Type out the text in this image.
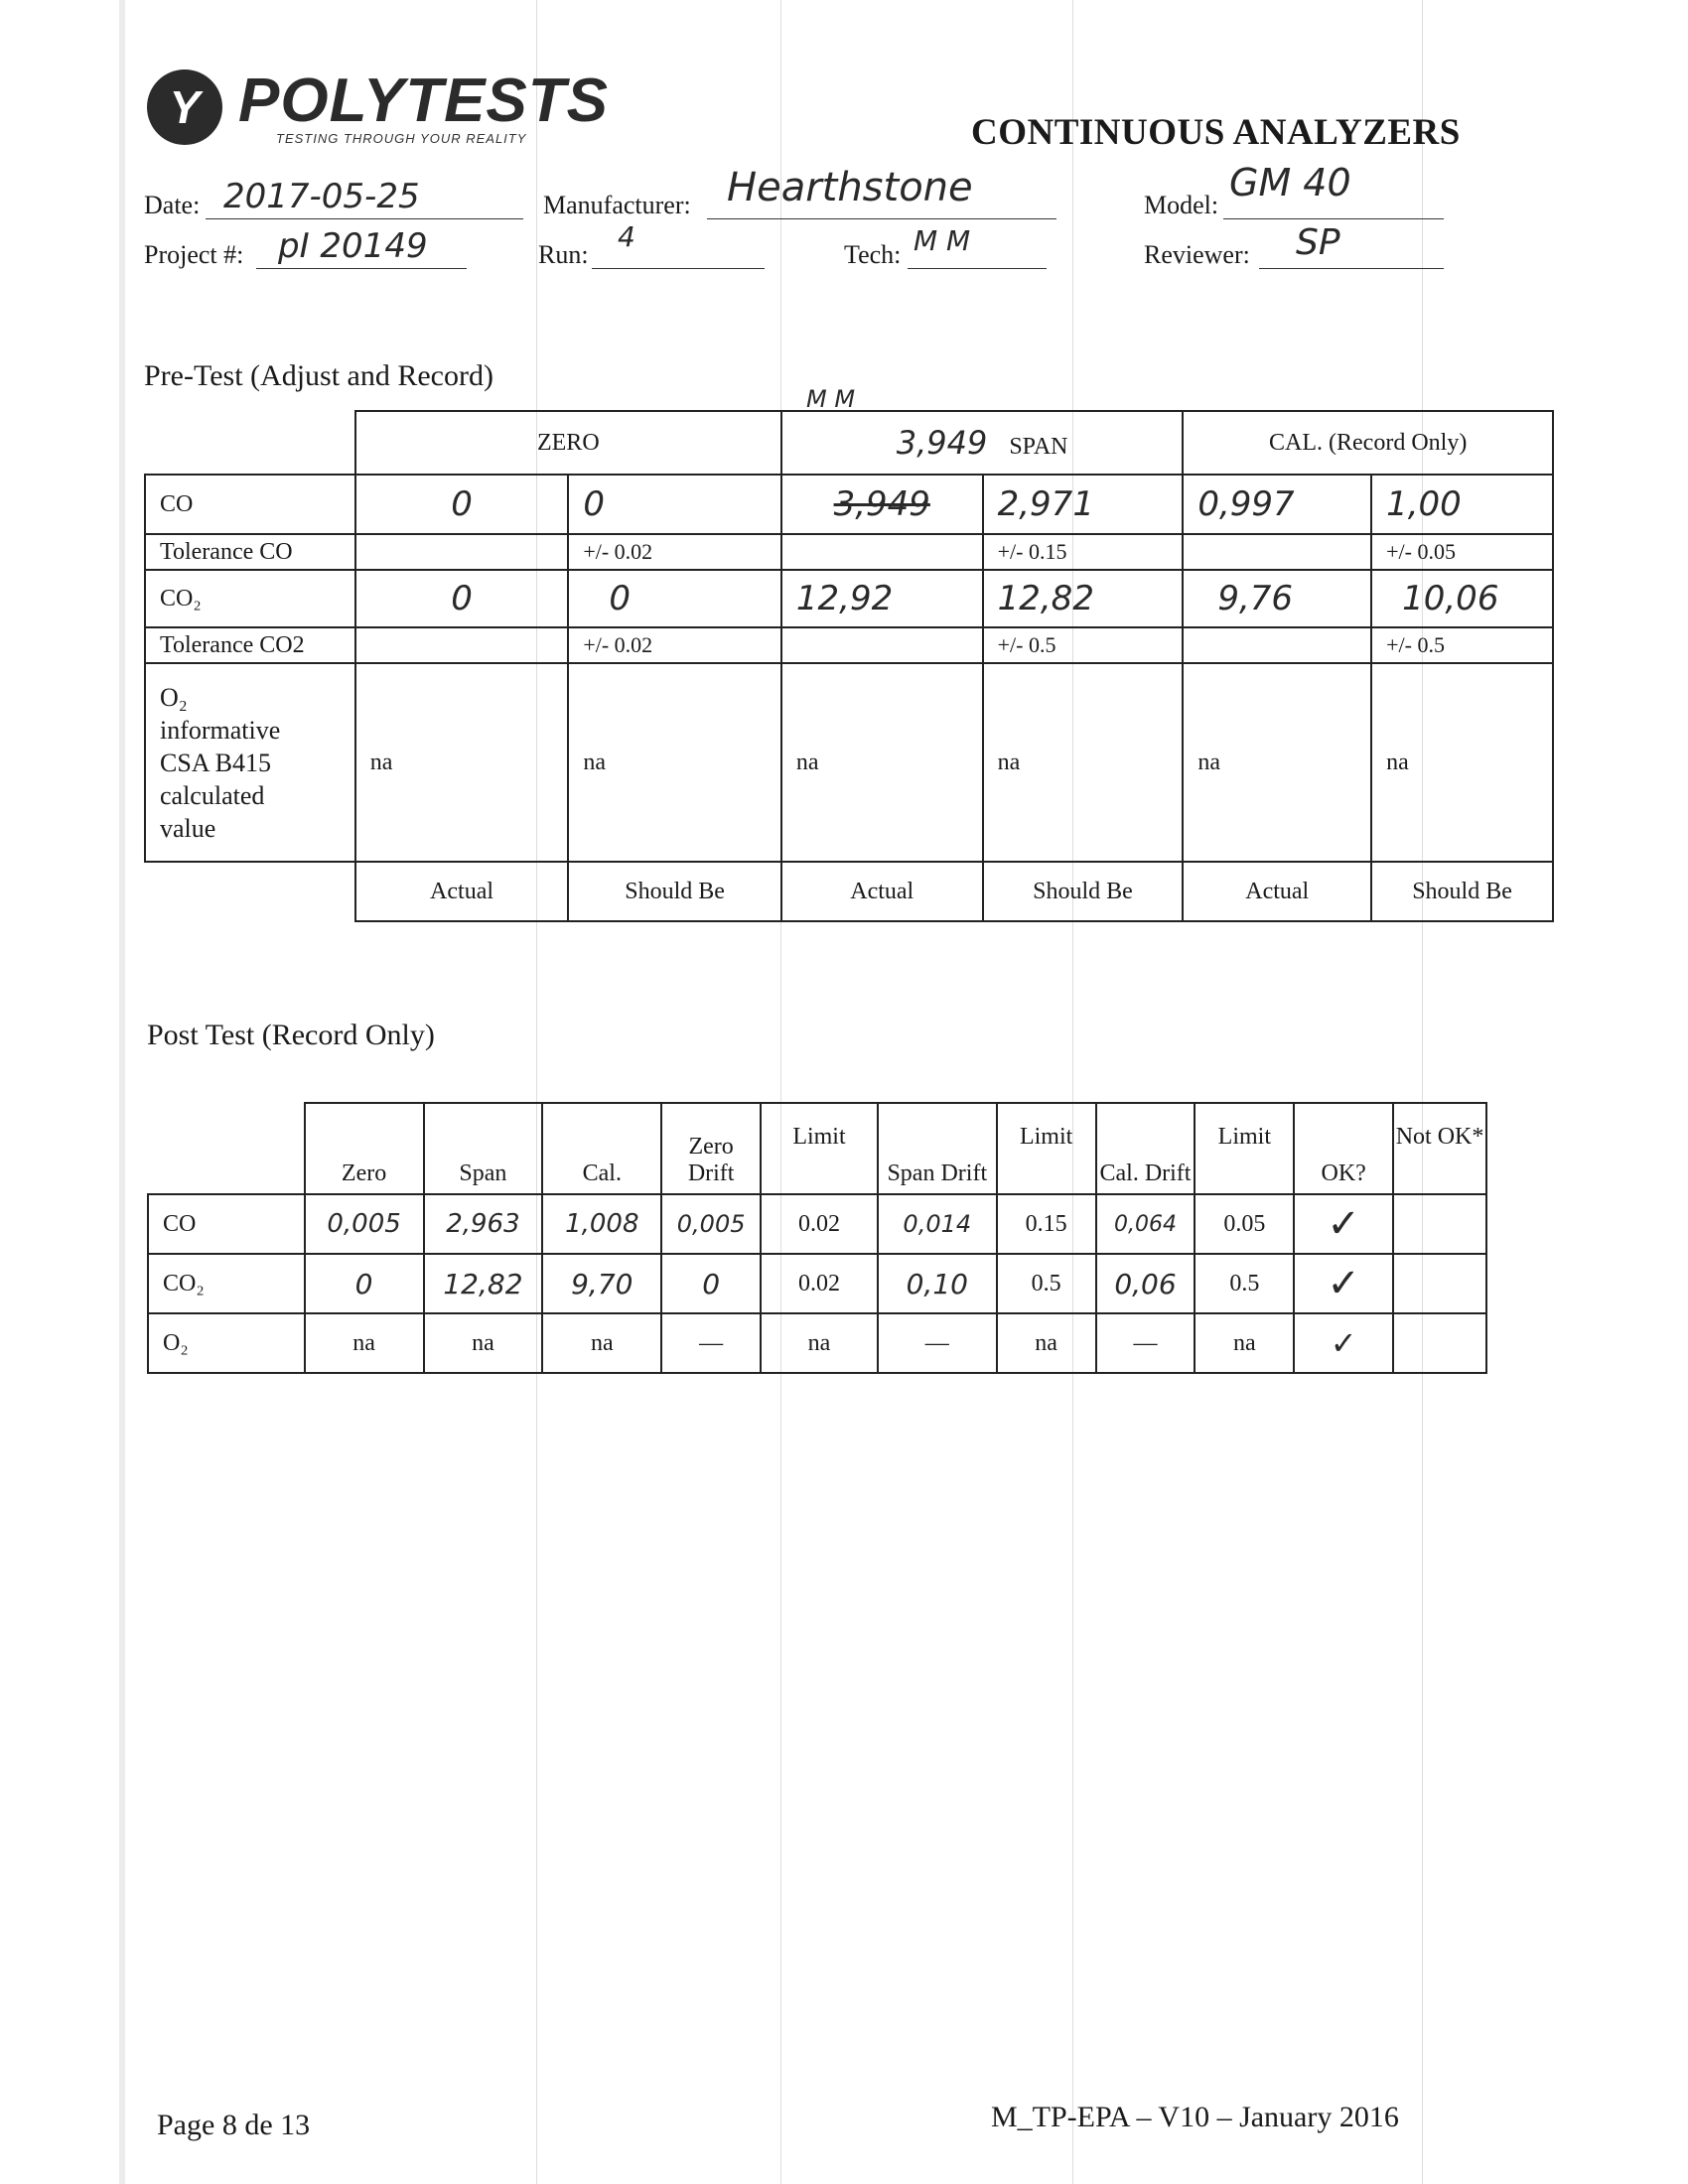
Y POLYTESTS
TESTING THROUGH YOUR REALITY	CONTINUOUS ANALYZERS
Date: 2017-05-25	Manufacturer: Hearthstone	Model:
GM 40
Project #: pI 20149	Run:
4
Tech: M M	Reviewer: SP
Pre-Test (Adjust and Record)
M M
	ZERO		3,949 SPAN		CAL. (Record Only)	
CO	0	0	3,949	2,971	0,997	1,00
Tolerance CO		+/- 0.02		+/- 0.15		+/- 0.05
CO₂	0	0	12,92	12,82	9,76	10,06
Tolerance CO2		+/- 0.02		+/- 0.5		+/- 0.5

O₂
informative
CSA B415
calculated
value	na	na	na	na	na	na
	Actual	Should Be	Actual	Should Be	Actual	Should Be
Post Test (Record Only)
	Zero	Span	Cal.	Zero Drift	Limit	Span Drift	Limit	Cal. Drift	Limit	OK?	Not OK*
CO	0,005	2,963	1,008	0,005	0.02	0,014	0.15	0,064	0.05	✓	
CO₂	0	12,82	9,70	0	0.02	0,10	0.5	0,06	0.5	✓	
O₂	na	na	na	—	na	—	na	—	na	✓	
Page 8 de 13	M_TP-EPA – V10 – January 2016
